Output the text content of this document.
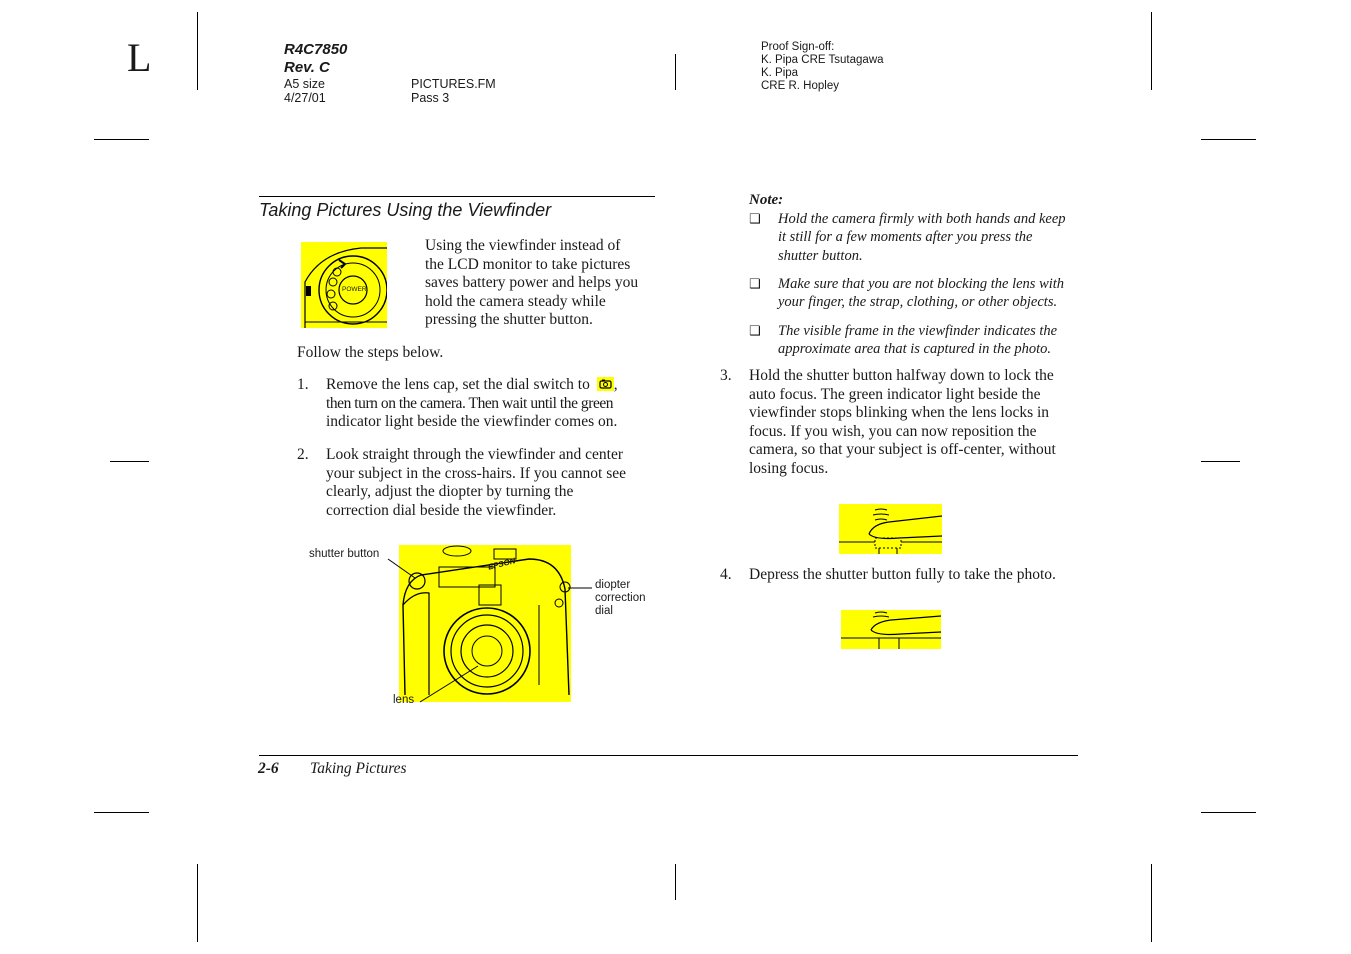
L	R4C7850
Rev. C
A5 size
4/27/01
PICTURES.FM
Pass 3
Proof Sign-off:
K. Pipa CRE Tsutagawa
K. Pipa
CRE R. Hopley
Taking Pictures Using the Viewfinder
POWER
Using the viewfinder instead of
the LCD monitor to take pictures
saves battery power and helps you
hold the camera steady while
pressing the shutter button.
Follow the steps below.
1. Remove the lens cap, set the dial switch to ,
then turn on the camera. Then wait until the green
indicator light beside the viewfinder comes on.
2. Look straight through the viewfinder and center
your subject in the cross-hairs. If you cannot see
clearly, adjust the diopter by turning the
correction dial beside the viewfinder.
EPSON
shutter button
diopter
correction
dial
lens
Note:
❑ Hold the camera firmly with both hands and keep
it still for a few moments after you press the
shutter button.
❑ Make sure that you are not blocking the lens with
your finger, the strap, clothing, or other objects.
❑ The visible frame in the viewfinder indicates the
approximate area that is captured in the photo.
3. Hold the shutter button halfway down to lock the
auto focus. The green indicator light beside the
viewfinder stops blinking when the lens locks in
focus. If you wish, you can now reposition the
camera, so that your subject is off-center, without
losing focus.
4. Depress the shutter button fully to take the photo.
2-6 Taking Pictures
